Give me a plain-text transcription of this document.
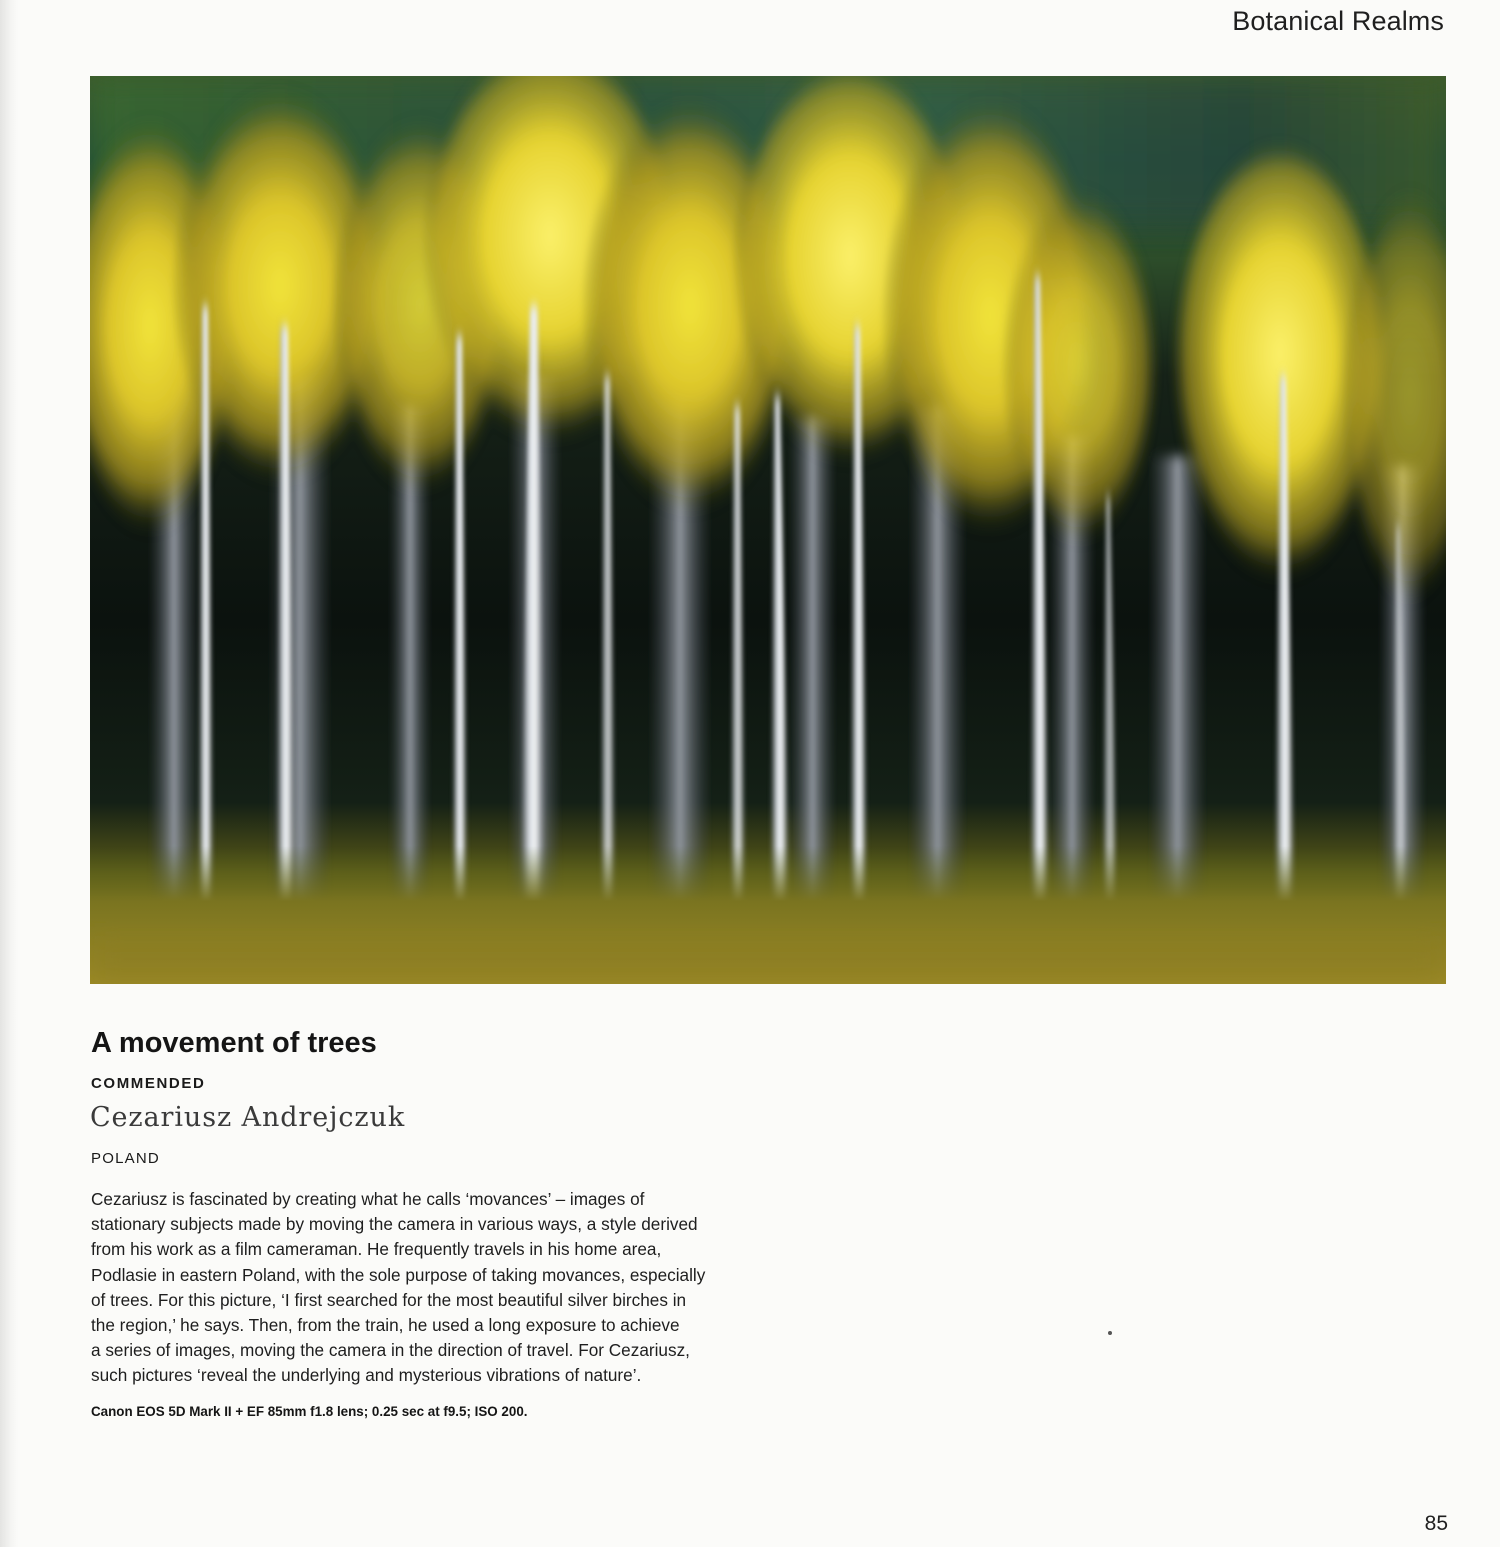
Botanical Realms
A movement of trees
COMMENDED
Cezariusz Andrejczuk
POLAND

Cezariusz is fascinated by creating what he calls ‘movances’ – images of
stationary subjects made by moving the camera in various ways, a style derived
from his work as a film cameraman. He frequently travels in his home area,
Podlasie in eastern Poland, with the sole purpose of taking movances, especially
of trees. For this picture, ‘I first searched for the most beautiful silver birches in
the region,’ he says. Then, from the train, he used a long exposure to achieve
a series of images, moving the camera in the direction of travel. For Cezariusz,
such pictures ‘reveal the underlying and mysterious vibrations of nature’.

Canon EOS 5D Mark II + EF 85mm f1.8 lens; 0.25 sec at f9.5; ISO 200.
85
